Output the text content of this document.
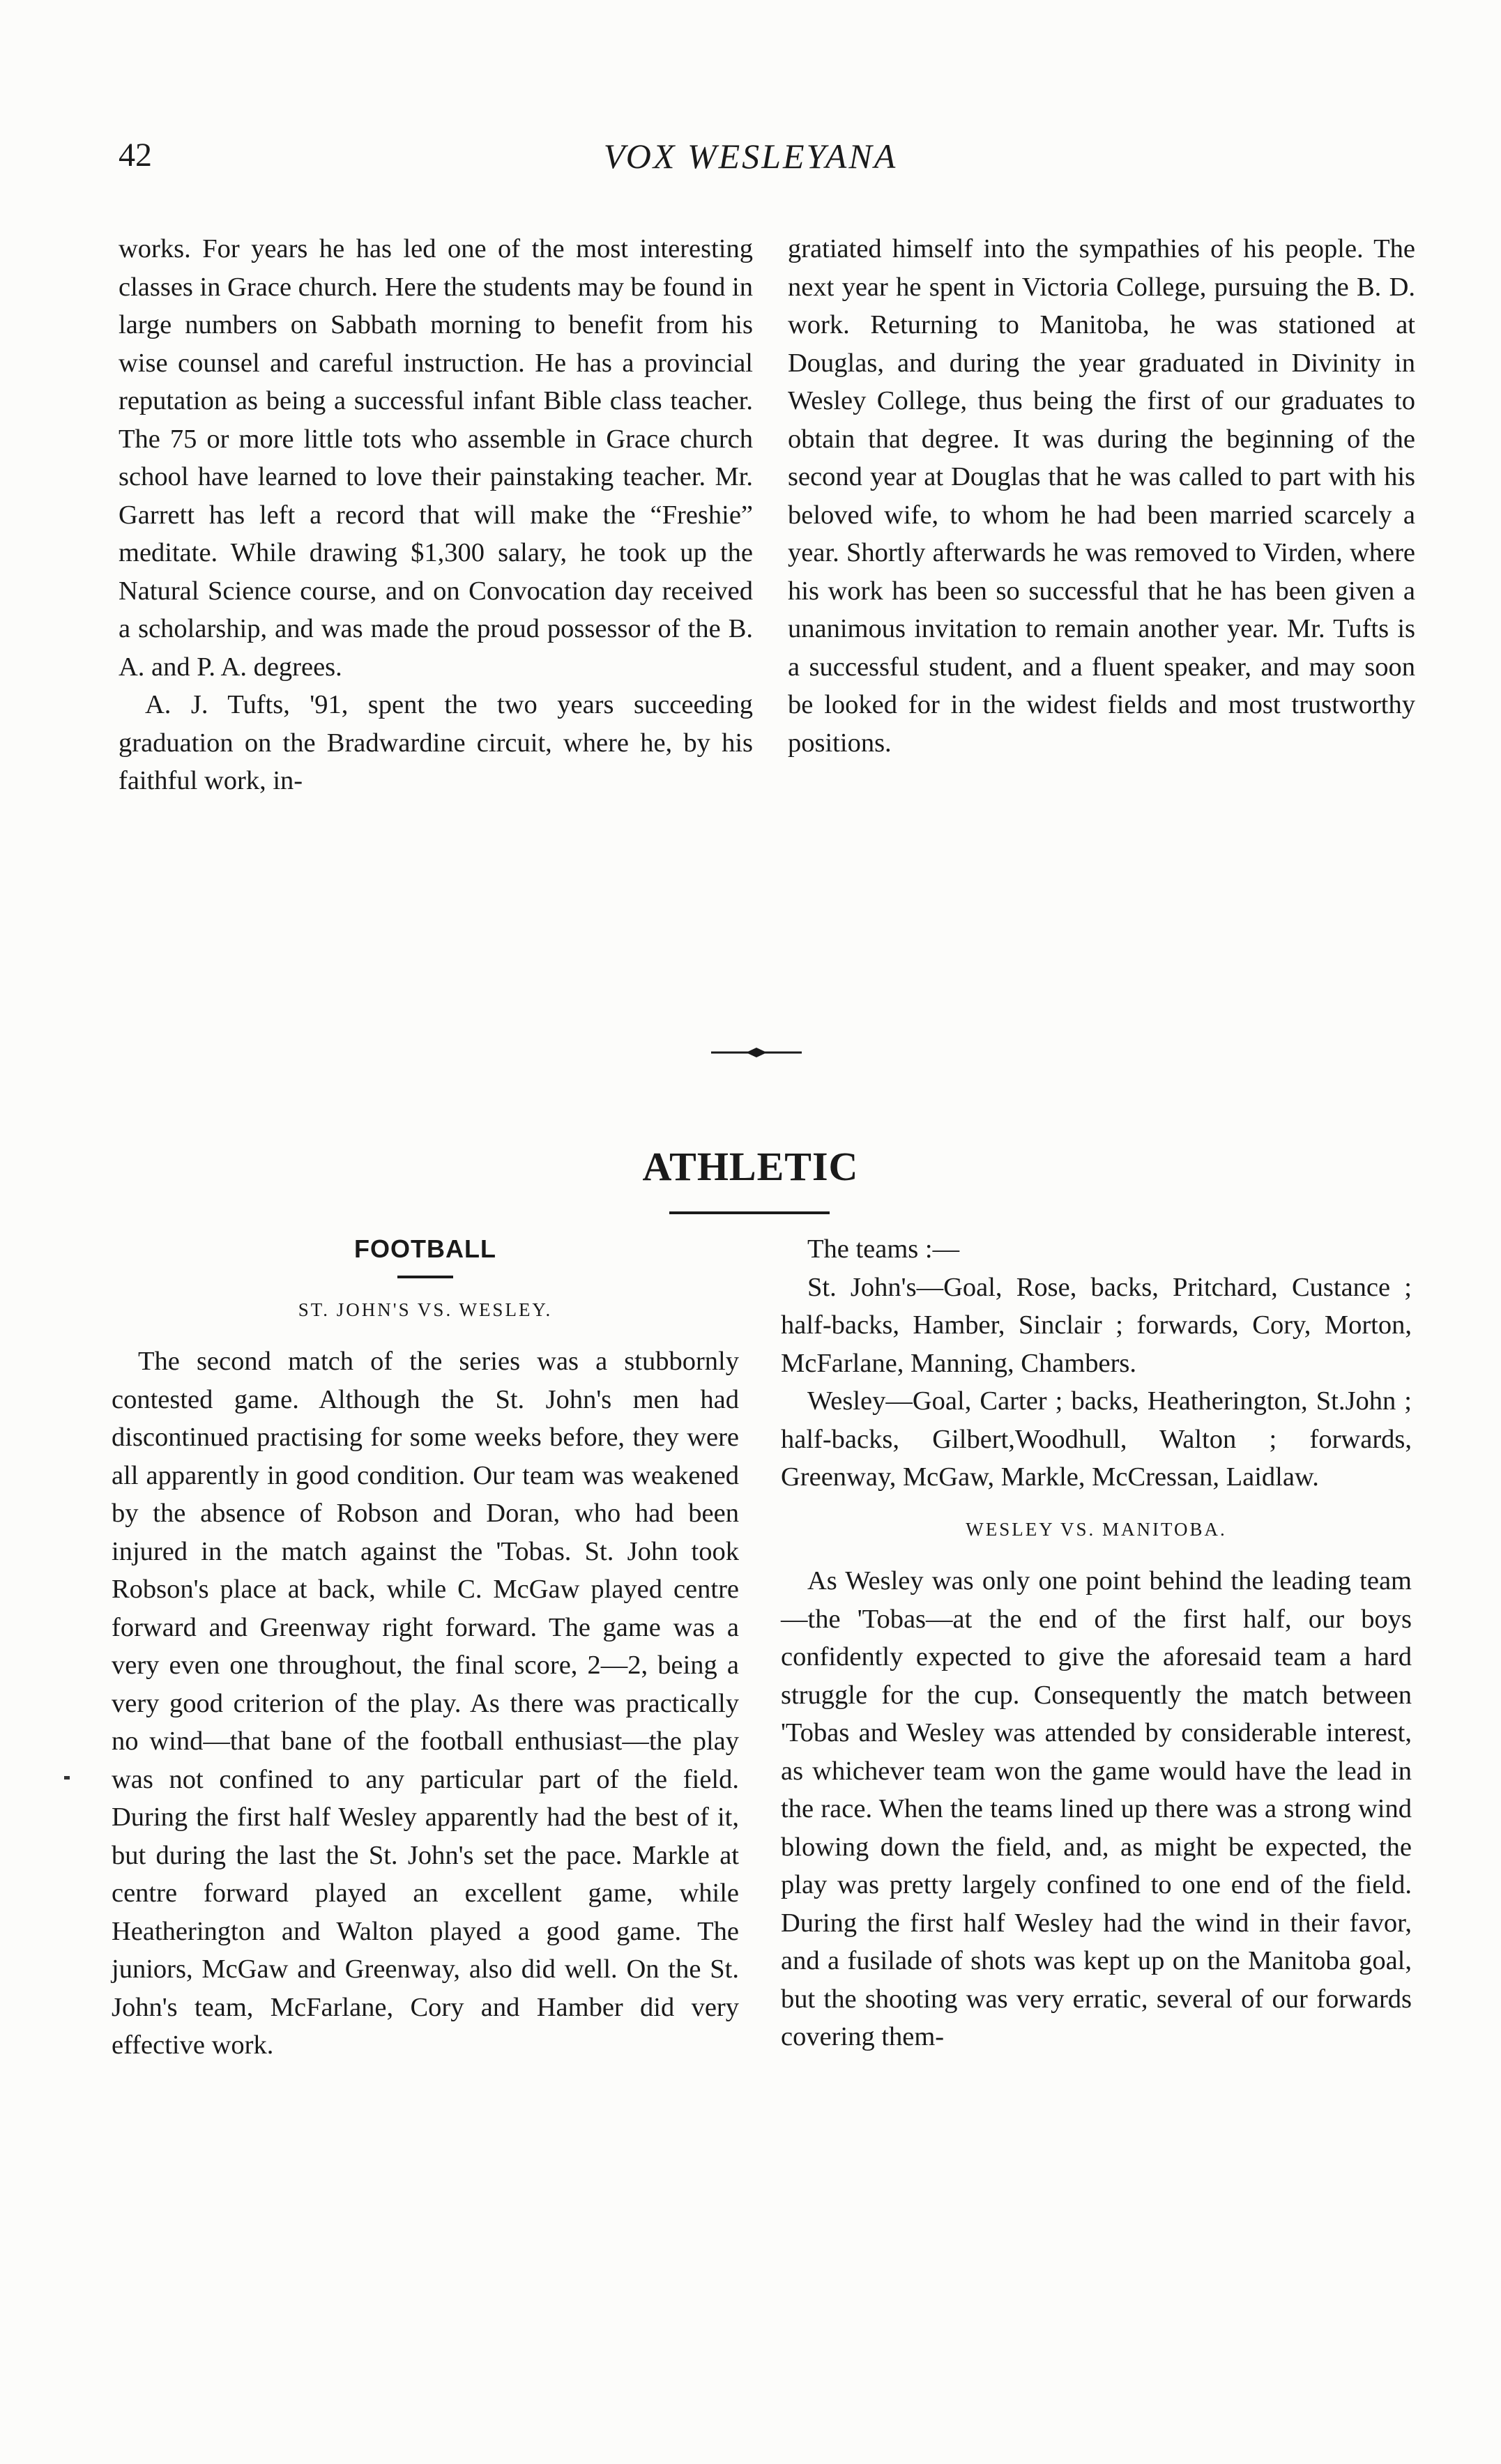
42	VOX WESLEYANA

works. For years he has led one of the most interesting classes in Grace church. Here the students may be found in large numbers on Sabbath morning to benefit from his wise counsel and careful instruction. He has a provincial reputation as being a successful infant Bible class teacher. The 75 or more little tots who assemble in Grace church school have learned to love their painstaking teacher. Mr. Garrett has left a record that will make the “Freshie” meditate. While drawing $1,300 salary, he took up the Natural Science course, and on Convocation day received a scholarship, and was made the proud possessor of the B. A. and P. A. degrees.

A. J. Tufts, '91, spent the two years succeeding graduation on the Bradwardine circuit, where he, by his faithful work, in-

gratiated himself into the sympathies of his people. The next year he spent in Victoria College, pursuing the B. D. work. Returning to Manitoba, he was stationed at Douglas, and during the year graduated in Divinity in Wesley College, thus being the first of our graduates to obtain that degree. It was during the beginning of the second year at Douglas that he was called to part with his beloved wife, to whom he had been married scarcely a year. Shortly afterwards he was removed to Virden, where his work has been so successful that he has been given a unanimous invitation to remain another year. Mr. Tufts is a successful student, and a fluent speaker, and may soon be looked for in the widest fields and most trustworthy positions.

ATHLETIC
FOOTBALL
ST. JOHN'S VS. WESLEY.

The second match of the series was a stubbornly contested game. Although the St. John's men had discontinued practising for some weeks before, they were all apparently in good condition. Our team was weakened by the absence of Robson and Doran, who had been injured in the match against the 'Tobas. St. John took Robson's place at back, while C. McGaw played centre forward and Greenway right forward. The game was a very even one throughout, the final score, 2—2, being a very good criterion of the play. As there was practically no wind—that bane of the football enthusiast—the play was not confined to any particular part of the field. During the first half Wesley apparently had the best of it, but during the last the St. John's set the pace. Markle at centre forward played an excellent game, while Heatherington and Walton played a good game. The juniors, McGaw and Greenway, also did well. On the St. John's team, McFarlane, Cory and Hamber did very effective work.

The teams :—

St. John's—Goal, Rose, backs, Pritchard, Custance ; half-backs, Hamber, Sinclair ; forwards, Cory, Morton, McFarlane, Manning, Chambers.

Wesley—Goal, Carter ; backs, Heatherington, St.John ; half-backs, Gilbert,Woodhull, Walton ; forwards, Greenway, McGaw, Markle, McCressan, Laidlaw.

WESLEY VS. MANITOBA.

As Wesley was only one point behind the leading team—the 'Tobas—at the end of the first half, our boys confidently expected to give the aforesaid team a hard struggle for the cup. Consequently the match between 'Tobas and Wesley was attended by considerable interest, as whichever team won the game would have the lead in the race. When the teams lined up there was a strong wind blowing down the field, and, as might be expected, the play was pretty largely confined to one end of the field. During the first half Wesley had the wind in their favor, and a fusilade of shots was kept up on the Manitoba goal, but the shooting was very erratic, several of our forwards covering them-
